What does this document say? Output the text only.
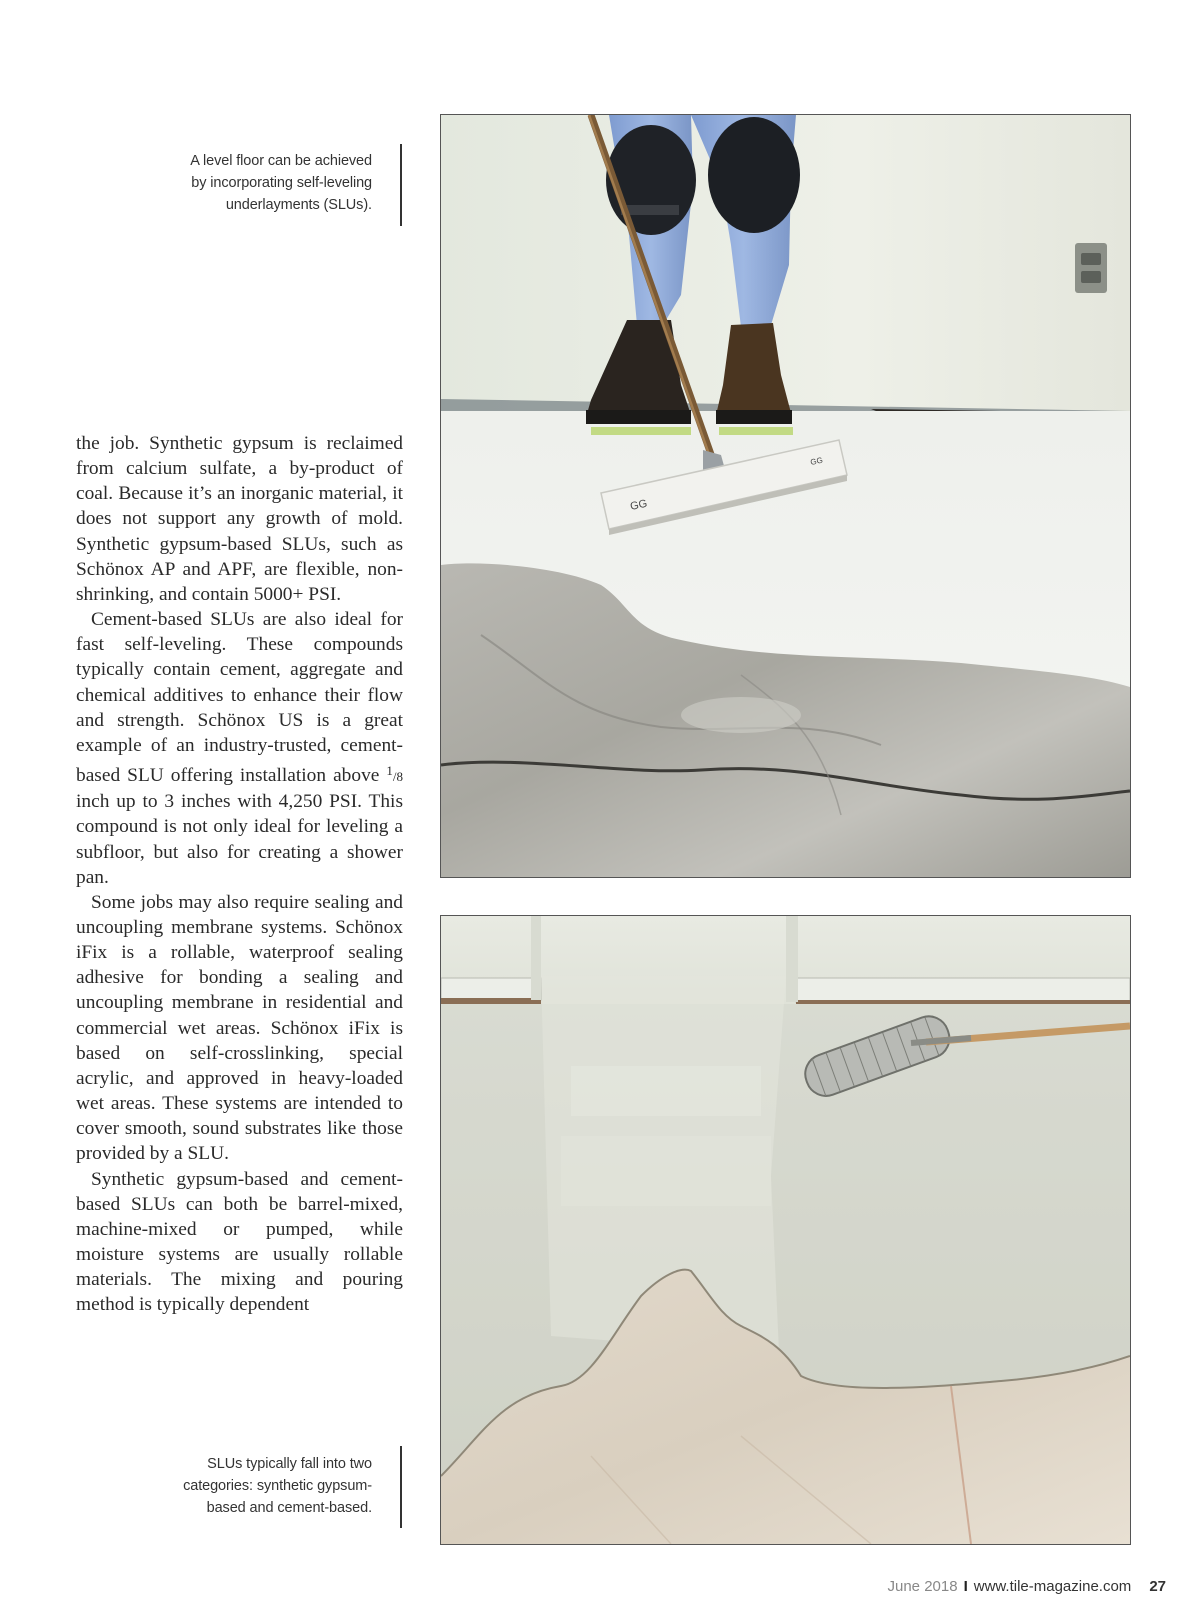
A level floor can be achieved
by incorporating self-leveling
underlayments (SLUs).

the job. Synthetic gypsum is reclaimed from calcium sulfate, a by-product of coal. Because it’s an inorganic material, it does not support any growth of mold. Synthetic gypsum-based SLUs, such as Schönox AP and APF, are flexible, non-shrinking, and contain 5000+ PSI.

Cement-based SLUs are also ideal for fast self-leveling. These compounds typically contain cement, aggregate and chemical additives to enhance their flow and strength. Schönox US is a great example of an industry-trusted, cement-based SLU offering installation above $^1$/8 inch up to 3 inches with 4,250 PSI. This compound is not only ideal for leveling a subfloor, but also for creating a shower pan.

Some jobs may also require sealing and uncoupling membrane systems. Schönox iFix is a rollable, waterproof sealing adhesive for bonding a sealing and uncoupling membrane in residential and commercial wet areas. Schönox iFix is based on self-crosslinking, special acrylic, and approved in heavy-loaded wet areas. These systems are intended to cover smooth, sound substrates like those provided by a SLU.

Synthetic gypsum-based and cement-based SLUs can both be barrel-mixed, machine-mixed or pumped, while moisture systems are usually rollable materials. The mixing and pouring method is typically dependent

GG
GG
SLUs typically fall into two
categories: synthetic gypsum-
based and cement-based.
June 2018 I www.tile-magazine.com 27
